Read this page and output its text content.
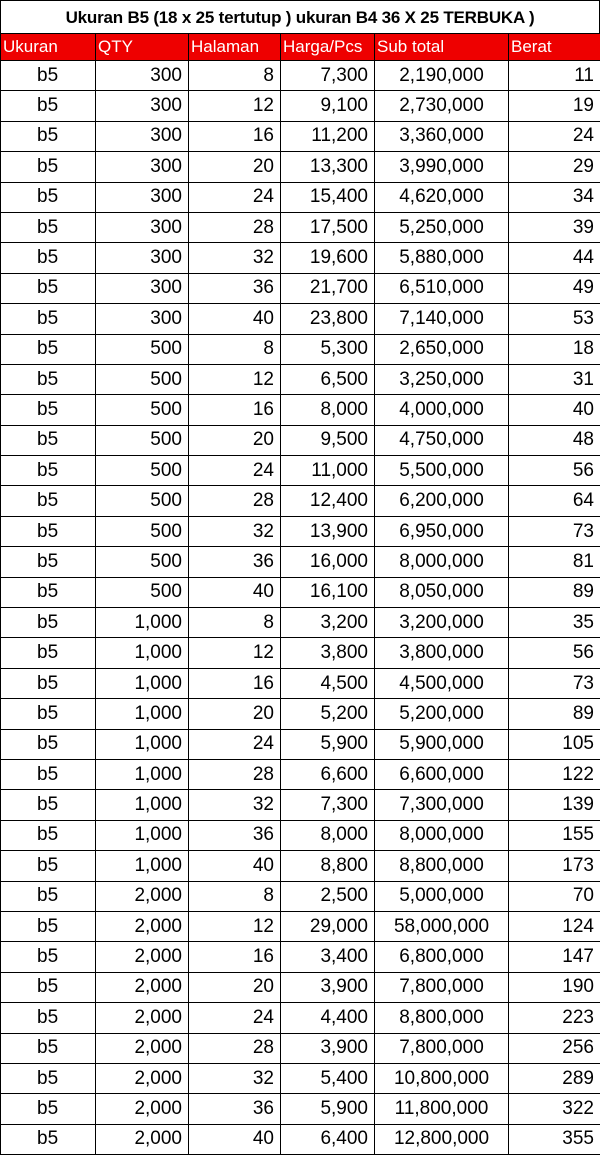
Ukuran B5 (18 x 25 tertutup ) ukuran B4 36 X 25 TERBUKA )
Ukuran	QTY	Halaman	Harga/Pcs	Sub total	Berat
b5	300	8	7,300	2,190,000	11
b5	300	12	9,100	2,730,000	19
b5	300	16	11,200	3,360,000	24
b5	300	20	13,300	3,990,000	29
b5	300	24	15,400	4,620,000	34
b5	300	28	17,500	5,250,000	39
b5	300	32	19,600	5,880,000	44
b5	300	36	21,700	6,510,000	49
b5	300	40	23,800	7,140,000	53
b5	500	8	5,300	2,650,000	18
b5	500	12	6,500	3,250,000	31
b5	500	16	8,000	4,000,000	40
b5	500	20	9,500	4,750,000	48
b5	500	24	11,000	5,500,000	56
b5	500	28	12,400	6,200,000	64
b5	500	32	13,900	6,950,000	73
b5	500	36	16,000	8,000,000	81
b5	500	40	16,100	8,050,000	89
b5	1,000	8	3,200	3,200,000	35
b5	1,000	12	3,800	3,800,000	56
b5	1,000	16	4,500	4,500,000	73
b5	1,000	20	5,200	5,200,000	89
b5	1,000	24	5,900	5,900,000	105
b5	1,000	28	6,600	6,600,000	122
b5	1,000	32	7,300	7,300,000	139
b5	1,000	36	8,000	8,000,000	155
b5	1,000	40	8,800	8,800,000	173
b5	2,000	8	2,500	5,000,000	70
b5	2,000	12	29,000	58,000,000	124
b5	2,000	16	3,400	6,800,000	147
b5	2,000	20	3,900	7,800,000	190
b5	2,000	24	4,400	8,800,000	223
b5	2,000	28	3,900	7,800,000	256
b5	2,000	32	5,400	10,800,000	289
b5	2,000	36	5,900	11,800,000	322
b5	2,000	40	6,400	12,800,000	355
